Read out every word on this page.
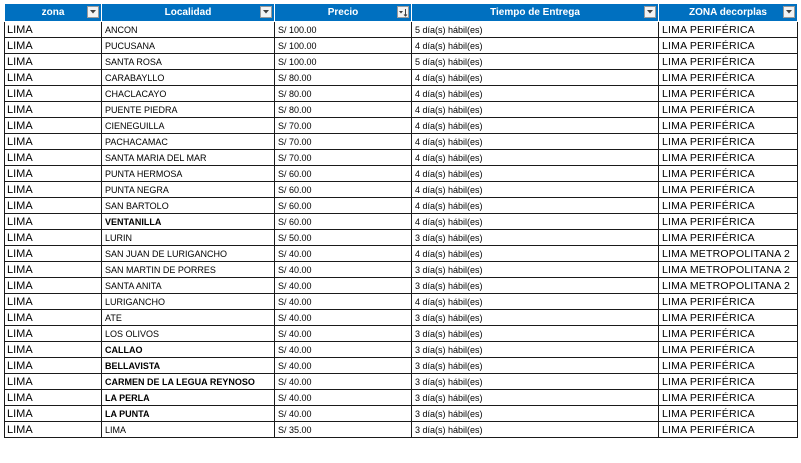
zona	Localidad	Precio	Tiempo de Entrega	ZONA decorplas

LIMA	ANCON	S/ 100.00	5 día(s) hábil(es)	LIMA PERIFÉRICA
LIMA	PUCUSANA	S/ 100.00	4 día(s) hábil(es)	LIMA PERIFÉRICA
LIMA	SANTA ROSA	S/ 100.00	5 día(s) hábil(es)	LIMA PERIFÉRICA
LIMA	CARABAYLLO	S/ 80.00	4 día(s) hábil(es)	LIMA PERIFÉRICA
LIMA	CHACLACAYO	S/ 80.00	4 día(s) hábil(es)	LIMA PERIFÉRICA
LIMA	PUENTE PIEDRA	S/ 80.00	4 día(s) hábil(es)	LIMA PERIFÉRICA
LIMA	CIENEGUILLA	S/ 70.00	4 día(s) hábil(es)	LIMA PERIFÉRICA
LIMA	PACHACAMAC	S/ 70.00	4 día(s) hábil(es)	LIMA PERIFÉRICA
LIMA	SANTA MARIA DEL MAR	S/ 70.00	4 día(s) hábil(es)	LIMA PERIFÉRICA
LIMA	PUNTA HERMOSA	S/ 60.00	4 día(s) hábil(es)	LIMA PERIFÉRICA
LIMA	PUNTA NEGRA	S/ 60.00	4 día(s) hábil(es)	LIMA PERIFÉRICA
LIMA	SAN BARTOLO	S/ 60.00	4 día(s) hábil(es)	LIMA PERIFÉRICA
LIMA	VENTANILLA	S/ 60.00	4 día(s) hábil(es)	LIMA PERIFÉRICA
LIMA	LURIN	S/ 50.00	3 día(s) hábil(es)	LIMA PERIFÉRICA
LIMA	SAN JUAN DE LURIGANCHO	S/ 40.00	4 día(s) hábil(es)	LIMA METROPOLITANA 2
LIMA	SAN MARTIN DE PORRES	S/ 40.00	3 día(s) hábil(es)	LIMA METROPOLITANA 2
LIMA	SANTA ANITA	S/ 40.00	3 día(s) hábil(es)	LIMA METROPOLITANA 2
LIMA	LURIGANCHO	S/ 40.00	4 día(s) hábil(es)	LIMA PERIFÉRICA
LIMA	ATE	S/ 40.00	3 día(s) hábil(es)	LIMA PERIFÉRICA
LIMA	LOS OLIVOS	S/ 40.00	3 día(s) hábil(es)	LIMA PERIFÉRICA
LIMA	CALLAO	S/ 40.00	3 día(s) hábil(es)	LIMA PERIFÉRICA
LIMA	BELLAVISTA	S/ 40.00	3 día(s) hábil(es)	LIMA PERIFÉRICA
LIMA	CARMEN DE LA LEGUA REYNOSO	S/ 40.00	3 día(s) hábil(es)	LIMA PERIFÉRICA
LIMA	LA PERLA	S/ 40.00	3 día(s) hábil(es)	LIMA PERIFÉRICA
LIMA	LA PUNTA	S/ 40.00	3 día(s) hábil(es)	LIMA PERIFÉRICA
LIMA	LIMA	S/ 35.00	3 día(s) hábil(es)	LIMA PERIFÉRICA
